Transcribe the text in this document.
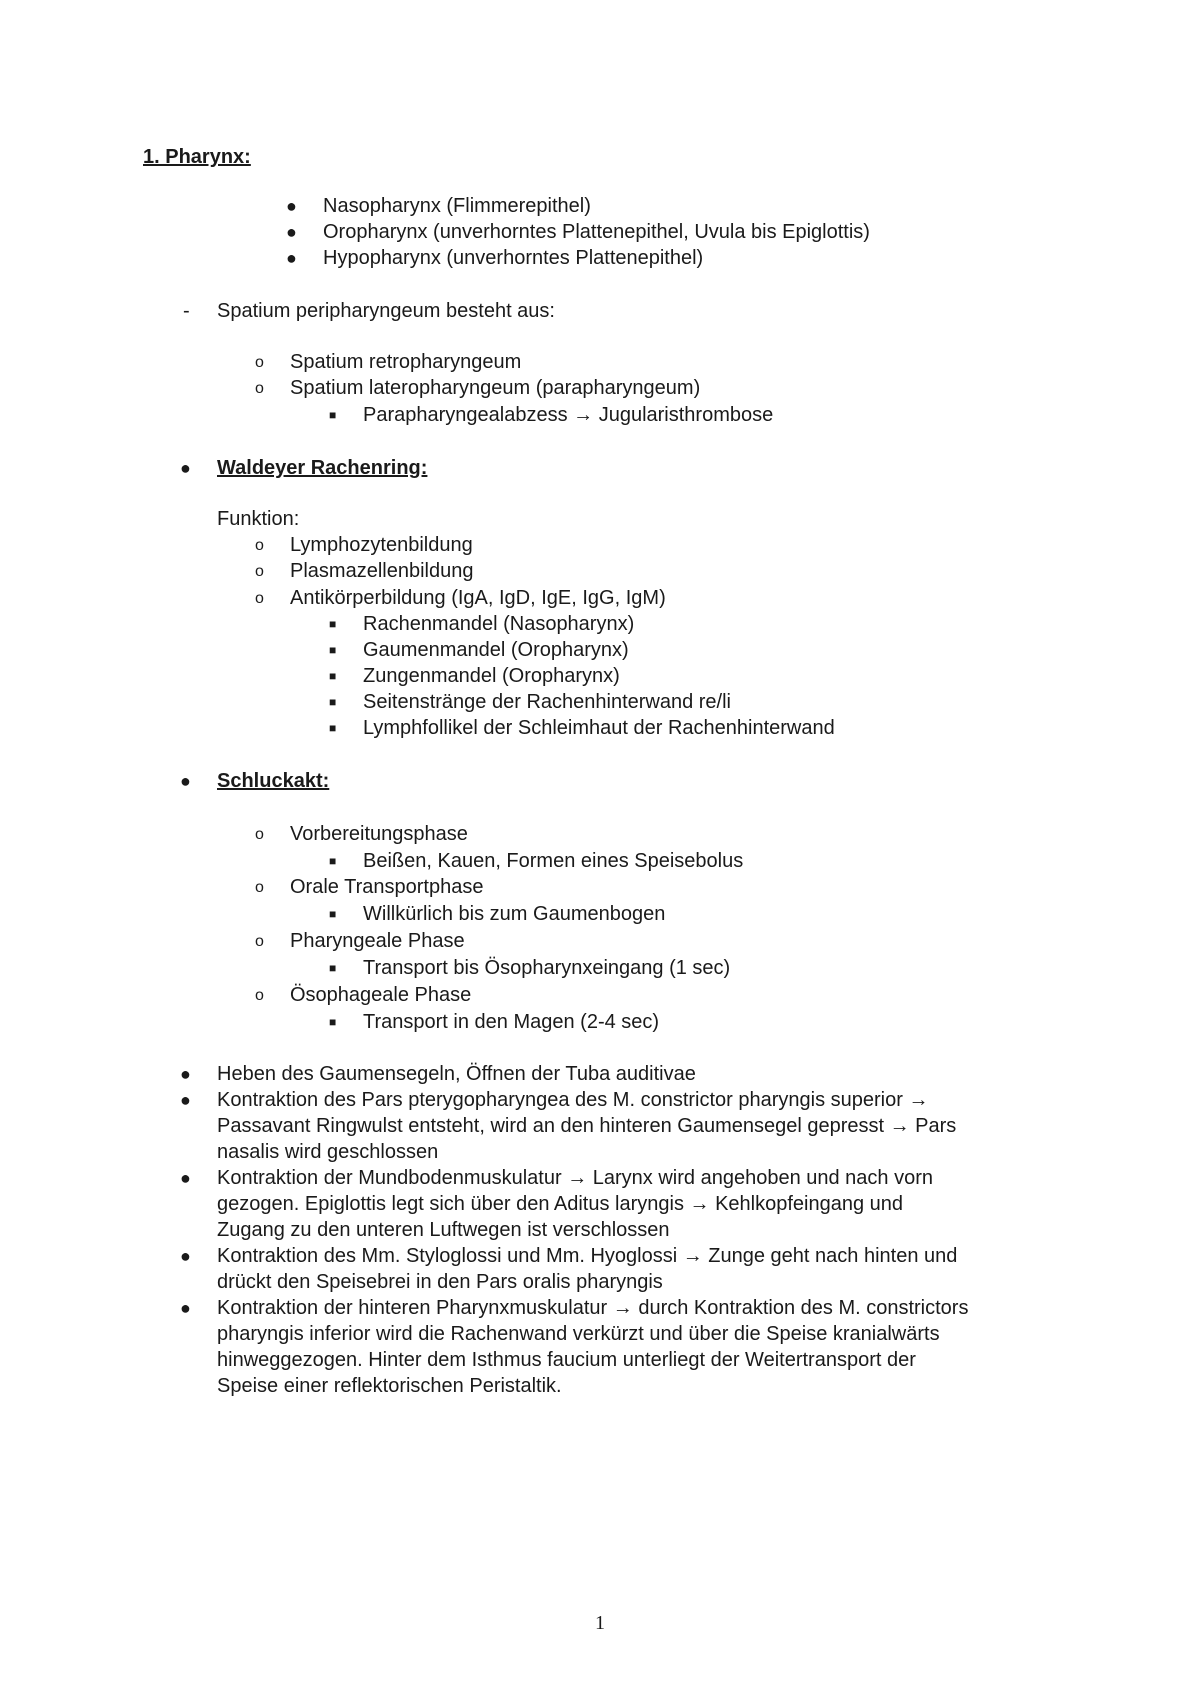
1. Pharynx:
● Nasopharynx (Flimmerepithel)
● Oropharynx (unverhorntes Plattenepithel, Uvula bis Epiglottis)
● Hypopharynx (unverhorntes Plattenepithel)
- Spatium peripharyngeum besteht aus:
o Spatium retropharyngeum
o Spatium lateropharyngeum (parapharyngeum)
■ Parapharyngealabzess → Jugularisthrombose
● Waldeyer Rachenring:
Funktion:
o Lymphozytenbildung
o Plasmazellenbildung
o Antikörperbildung (IgA, IgD, IgE, IgG, IgM)
■ Rachenmandel (Nasopharynx)
■ Gaumenmandel (Oropharynx)
■ Zungenmandel (Oropharynx)
■ Seitenstränge der Rachenhinterwand re/li
■ Lymphfollikel der Schleimhaut der Rachenhinterwand
● Schluckakt:
o Vorbereitungsphase
■ Beißen, Kauen, Formen eines Speisebolus
o Orale Transportphase
■ Willkürlich bis zum Gaumenbogen
o Pharyngeale Phase
■ Transport bis Ösopharynxeingang (1 sec)
o Ösophageale Phase
■ Transport in den Magen (2-4 sec)
● Heben des Gaumensegeln, Öffnen der Tuba auditivae
● Kontraktion des Pars pterygopharyngea des M. constrictor pharyngis superior →
Passavant Ringwulst entsteht, wird an den hinteren Gaumensegel gepresst → Pars
nasalis wird geschlossen
● Kontraktion der Mundbodenmuskulatur → Larynx wird angehoben und nach vorn
gezogen. Epiglottis legt sich über den Aditus laryngis → Kehlkopfeingang und
Zugang zu den unteren Luftwegen ist verschlossen
● Kontraktion des Mm. Styloglossi und Mm. Hyoglossi → Zunge geht nach hinten und
drückt den Speisebrei in den Pars oralis pharyngis
● Kontraktion der hinteren Pharynxmuskulatur → durch Kontraktion des M. constrictors
pharyngis inferior wird die Rachenwand verkürzt und über die Speise kranialwärts
hinweggezogen. Hinter dem Isthmus faucium unterliegt der Weitertransport der
Speise einer reflektorischen Peristaltik.
1
